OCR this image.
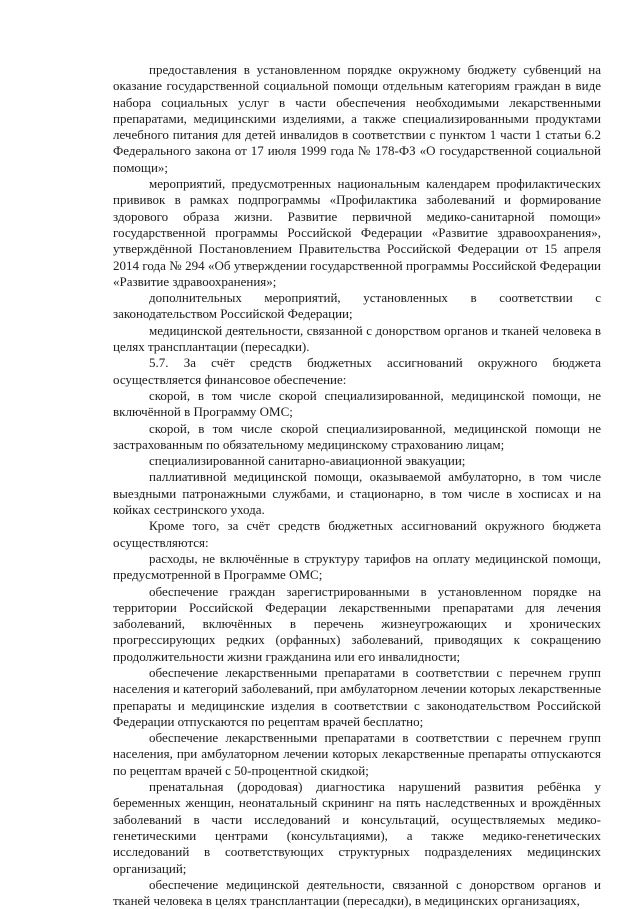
предоставления в установленном порядке окружному бюджету субвенций на оказание государственной социальной помощи отдельным категориям граждан в виде набора социальных услуг в части обеспечения необходимыми лекарственными препаратами, медицинскими изделиями, а также специализированными продуктами лечебного питания для детей инвалидов в соответствии с пунктом 1 части 1 статьи 6.2 Федерального закона от 17 июля 1999 года № 178-ФЗ «О государственной социальной помощи»;

мероприятий, предусмотренных национальным календарем профилактических прививок в рамках подпрограммы «Профилактика заболеваний и формирование здорового образа жизни. Развитие первичной медико-санитарной помощи» государственной программы Российской Федерации «Развитие здравоохранения», утверждённой Постановлением Правительства Российской Федерации от 15 апреля 2014 года № 294 «Об утверждении государственной программы Российской Федерации «Развитие здравоохранения»;

дополнительных мероприятий, установленных в соответствии с законодательством Российской Федерации;

медицинской деятельности, связанной с донорством органов и тканей человека в целях трансплантации (пересадки).

5.7. За счёт средств бюджетных ассигнований окружного бюджета осуществляется финансовое обеспечение:

скорой, в том числе скорой специализированной, медицинской помощи, не включённой в Программу ОМС;

скорой, в том числе скорой специализированной, медицинской помощи не застрахованным по обязательному медицинскому страхованию лицам;

специализированной санитарно-авиационной эвакуации;

паллиативной медицинской помощи, оказываемой амбулаторно, в том числе выездными патронажными службами, и стационарно, в том числе в хосписах и на койках сестринского ухода.

Кроме того, за счёт средств бюджетных ассигнований окружного бюджета осуществляются:

расходы, не включённые в структуру тарифов на оплату медицинской помощи, предусмотренной в Программе ОМС;

обеспечение граждан зарегистрированными в установленном порядке на территории Российской Федерации лекарственными препаратами для лечения заболеваний, включённых в перечень жизнеугрожающих и хронических прогрессирующих редких (орфанных) заболеваний, приводящих к сокращению продолжительности жизни гражданина или его инвалидности;

обеспечение лекарственными препаратами в соответствии с перечнем групп населения и категорий заболеваний, при амбулаторном лечении которых лекарственные препараты и медицинские изделия в соответствии с законодательством Российской Федерации отпускаются по рецептам врачей бесплатно;

обеспечение лекарственными препаратами в соответствии с перечнем групп населения, при амбулаторном лечении которых лекарственные препараты отпускаются по рецептам врачей с 50-процентной скидкой;

пренатальная (дородовая) диагностика нарушений развития ребёнка у беременных женщин, неонатальный скрининг на пять наследственных и врождённых заболеваний в части исследований и консультаций, осуществляемых медико-генетическими центрами (консультациями), а также медико-генетических исследований в соответствующих структурных подразделениях медицинских организаций;

обеспечение медицинской деятельности, связанной с донорством органов и тканей человека в целях трансплантации (пересадки), в медицинских организациях,
